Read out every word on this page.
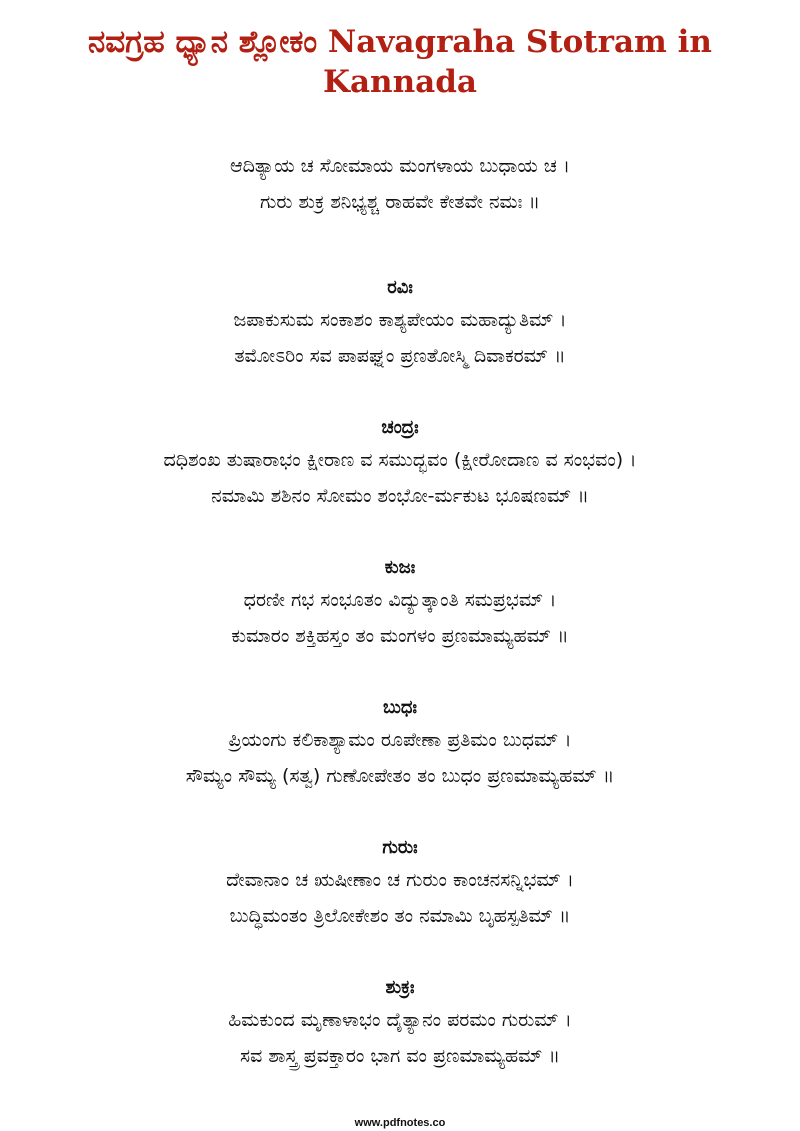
ನವಗ್ರಹ ಧ್ಯಾನ ಶ್ಲೋಕಂ Navagraha Stotram in Kannada

ಆದಿತ್ಯಾಯ ಚ ಸೋಮಾಯ ಮಂಗಳಾಯ ಬುಧಾಯ ಚ ।

ಗುರು ಶುಕ್ರ ಶನಿಭ್ಯಶ್ಚ ರಾಹವೇ ಕೇತವೇ ನಮಃ ॥

ರವಿಃ

ಜಪಾಕುಸುಮ ಸಂಕಾಶಂ ಕಾಶ್ಯಪೇಯಂ ಮಹಾದ್ಯುತಿಮ್ ।

ತಮೋಽರಿಂ ಸವ ಪಾಪಘ್ನಂ ಪ್ರಣತೋಸ್ಮಿ ದಿವಾಕರಮ್ ॥

ಚಂದ್ರಃ

ದಧಿಶಂಖ ತುಷಾರಾಭಂ ಕ್ಷೀರಾಣ ವ ಸಮುದ್ಭವಂ (ಕ್ಷೀರೋದಾಣ ವ ಸಂಭವಂ) ।

ನಮಾಮಿ ಶಶಿನಂ ಸೋಮಂ ಶಂಭೋ-ರ್ಮಕುಟ ಭೂಷಣಮ್ ॥

ಕುಜಃ

ಧರಣೀ ಗಭ ಸಂಭೂತಂ ವಿದ್ಯುತ್ಕಾಂತಿ ಸಮಪ್ರಭಮ್ ।

ಕುಮಾರಂ ಶಕ್ತಿಹಸ್ತಂ ತಂ ಮಂಗಳಂ ಪ್ರಣಮಾಮ್ಯಹಮ್ ॥

ಬುಧಃ

ಪ್ರಿಯಂಗು ಕಲಿಕಾಶ್ಯಾಮಂ ರೂಪೇಣಾ ಪ್ರತಿಮಂ ಬುಧಮ್ ।

ಸೌಮ್ಯಂ ಸೌಮ್ಯ (ಸತ್ವ) ಗುಣೋಪೇತಂ ತಂ ಬುಧಂ ಪ್ರಣಮಾಮ್ಯಹಮ್ ॥

ಗುರುಃ

ದೇವಾನಾಂ ಚ ಋಷೀಣಾಂ ಚ ಗುರುಂ ಕಾಂಚನಸನ್ನಿಭಮ್ ।

ಬುದ್ಧಿಮಂತಂ ತ್ರಿಲೋಕೇಶಂ ತಂ ನಮಾಮಿ ಬೃಹಸ್ಪತಿಮ್ ॥

ಶುಕ್ರಃ

ಹಿಮಕುಂದ ಮೃಣಾಳಾಭಂ ದೈತ್ಯಾನಂ ಪರಮಂ ಗುರುಮ್ ।

ಸವ ಶಾಸ್ತ್ರ ಪ್ರವಕ್ತಾರಂ ಭಾಗ ವಂ ಪ್ರಣಮಾಮ್ಯಹಮ್ ॥

www.pdfnotes.co
